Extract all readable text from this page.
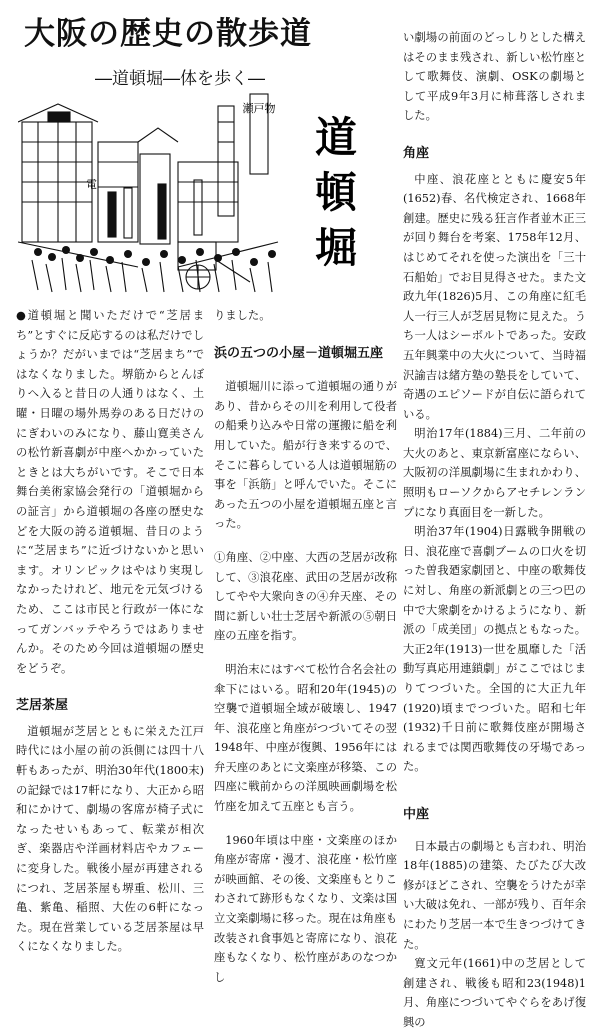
大阪の歴史の散歩道
―道頓堀―体を歩く―
瀬戸物
電
道 頓 堀

●道頓堀と聞いただけで“芝居まち”とすぐに反応するのは私だけでしょうか？だがいまでは“芝居まち”ではなくなりました。堺筋からとんぼりへ入ると昔日の人通りはなく、土曜・日曜の場外馬券のある日だけのにぎわいのみになり、藤山寛美さんの松竹新喜劇が中座へかかっていたときとは大ちがいです。そこで日本舞台美術家協会発行の「道頓堀からの証言」から道頓堀の各座の歴史などを大阪の誇る道頓堀、昔日のように“芝居まち”に近づけないかと思います。オリンピックはやはり実現しなかったけれど、地元を元気づけるため、ここは市民と行政が一体になってガンバッテやろうではありませんか。そのため今回は道頓堀の歴史をどうぞ。

芝居茶屋

道頓堀が芝居とともに栄えた江戸時代には小屋の前の浜側には四十八軒もあったが、明治30年代(1800末)の記録では17軒になり、大正から昭和にかけて、劇場の客席が椅子式になったせいもあって、転業が相次ぎ、楽器店や洋画材料店やカフェーに変身した。戦後小屋が再建されるにつれ、芝居茶屋も堺重、松川、三亀、紫亀、稲照、大佐の6軒になった。現在営業している芝居茶屋は早くになくなりました。

りました。

浜の五つの小屋－道頓堀五座

道頓堀川に添って道頓堀の通りがあり、昔からその川を利用して役者の船乗り込みや日常の運搬に船を利用していた。船が行き来するので、そこに暮らしている人は道頓堀筋の事を「浜筋」と呼んでいた。そこにあった五つの小屋を道頓堀五座と言った。

①角座、②中座、大西の芝居が改称して、③浪花座、武田の芝居が改称してやや大衆向きの④弁天座、その間に新しい壮士芝居や新派の⑤朝日座の五座を指す。

明治末にはすべて松竹合名会社の傘下にはいる。昭和20年(1945)の空襲で道頓堀全域が破壊し、1947年、浪花座と角座がつづいてその翌1948年、中座が復興、1956年には弁天座のあとに文楽座が移築、この四座に戦前からの洋風映画劇場を松竹座を加えて五座とも言う。

1960年頃は中座・文楽座のほか角座が寄席・漫才、浪花座・松竹座が映画館、その後、文楽座もとりこわされて跡形もなくなり、文楽は国立文楽劇場に移った。現在は角座も改装され食事処と寄席になり、浪花座もなくなり、松竹座があのなつかし

い劇場の前面のどっしりとした構えはそのまま残され、新しい松竹座として歌舞伎、演劇、OSKの劇場として平成9年3月に柿葺落しされました。

角座

中座、浪花座とともに慶安5年(1652)春、名代検定され、1668年創建。歴史に残る狂言作者並木正三が回り舞台を考案、1758年12月、はじめてそれを使った演出を「三十石船始」でお目見得させた。また文政九年(1826)5月、この角座に紅毛人一行三人が芝居見物に見えた。うち一人はシーボルトであった。安政五年興業中の大火について、当時福沢諭吉は緒方塾の塾長をしていて、奇遇のエピソードが自伝に語られている。

明治17年(1884)三月、二年前の大火のあと、東京新富座にならい、大阪初の洋風劇場に生まれかわり、照明もローソクからアセチレンランプになり真面目を一新した。

明治37年(1904)日露戦争開戦の日、浪花座で喜劇ブームの口火を切った曽我廼家劇団と、中座の歌舞伎に対し、角座の新派劇との三つ巴の中で大衆劇をかけるようになり、新派の「成美団」の拠点ともなった。大正2年(1913)一世を風靡した「活動写真応用連鎖劇」がここではじまりてつづいた。全国的に大正九年(1920)頃までつづいた。昭和七年(1932)千日前に歌舞伎座が開場されるまでは関西歌舞伎の牙場であった。

中座

日本最古の劇場とも言われ、明治18年(1885)の建築、たびたび大改修がほどこされ、空襲をうけたが幸い大破は免れ、一部が残り、百年余にわたり芝居一本で生きつづけてきた。

寛文元年(1661)中の芝居として創建され、戦後も昭和23(1948)1月、角座につづいてやぐらをあげ復興の
